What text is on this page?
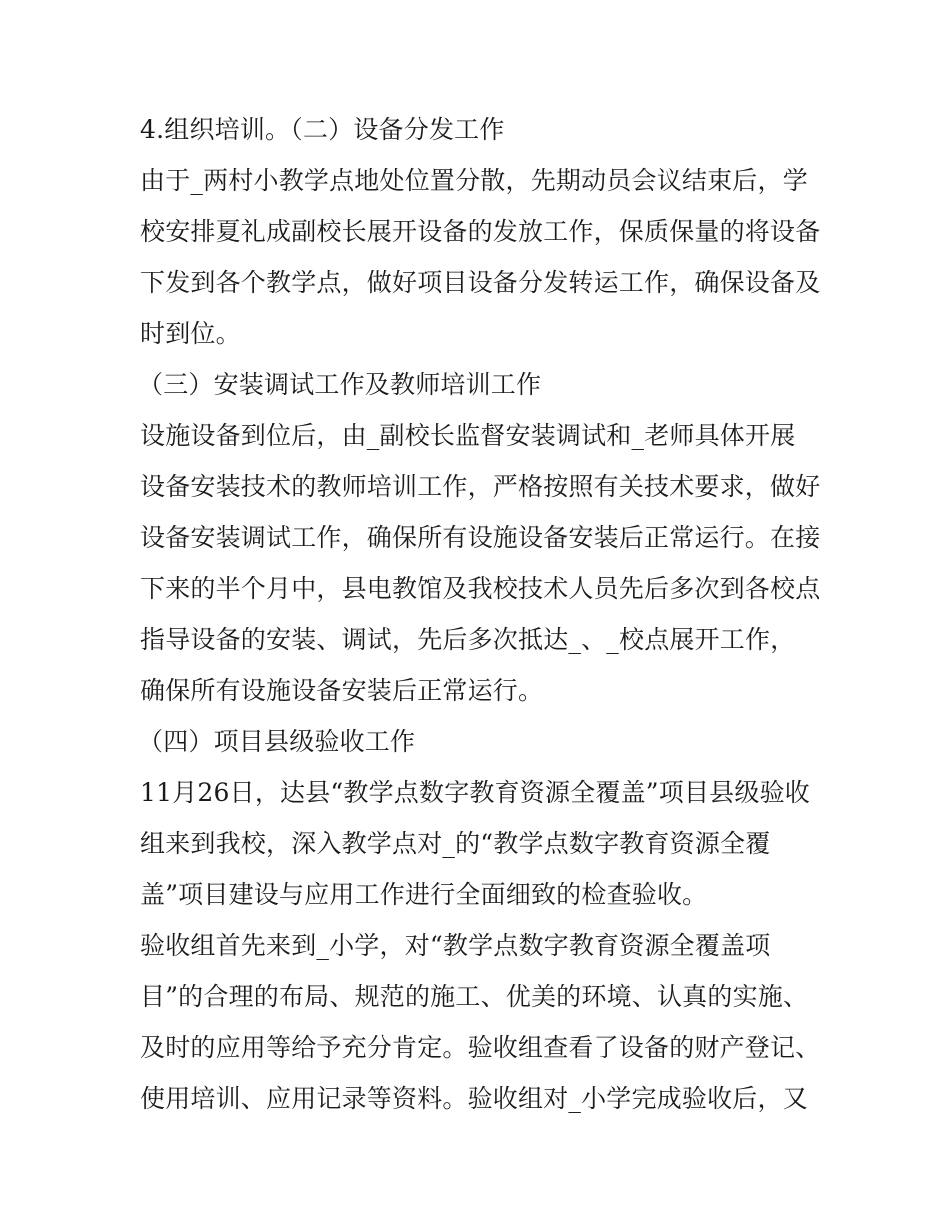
4.组织培训。（二）设备分发工作
由于_两村小教学点地处位置分散，先期动员会议结束后，学
校安排夏礼成副校长展开设备的发放工作，保质保量的将设备
下发到各个教学点，做好项目设备分发转运工作，确保设备及
时到位。
（三）安装调试工作及教师培训工作
设施设备到位后，由_副校长监督安装调试和_老师具体开展
设备安装技术的教师培训工作，严格按照有关技术要求，做好
设备安装调试工作，确保所有设施设备安装后正常运行。在接
下来的半个月中，县电教馆及我校技术人员先后多次到各校点
指导设备的安装、调试，先后多次抵达_、_校点展开工作，
确保所有设施设备安装后正常运行。
（四）项目县级验收工作
11月26日，达县“教学点数字教育资源全覆盖”项目县级验收
组来到我校，深入教学点对_的“教学点数字教育资源全覆
盖”项目建设与应用工作进行全面细致的检查验收。
验收组首先来到_小学，对“教学点数字教育资源全覆盖项
目”的合理的布局、规范的施工、优美的环境、认真的实施、
及时的应用等给予充分肯定。验收组查看了设备的财产登记、
使用培训、应用记录等资料。验收组对_小学完成验收后，又
